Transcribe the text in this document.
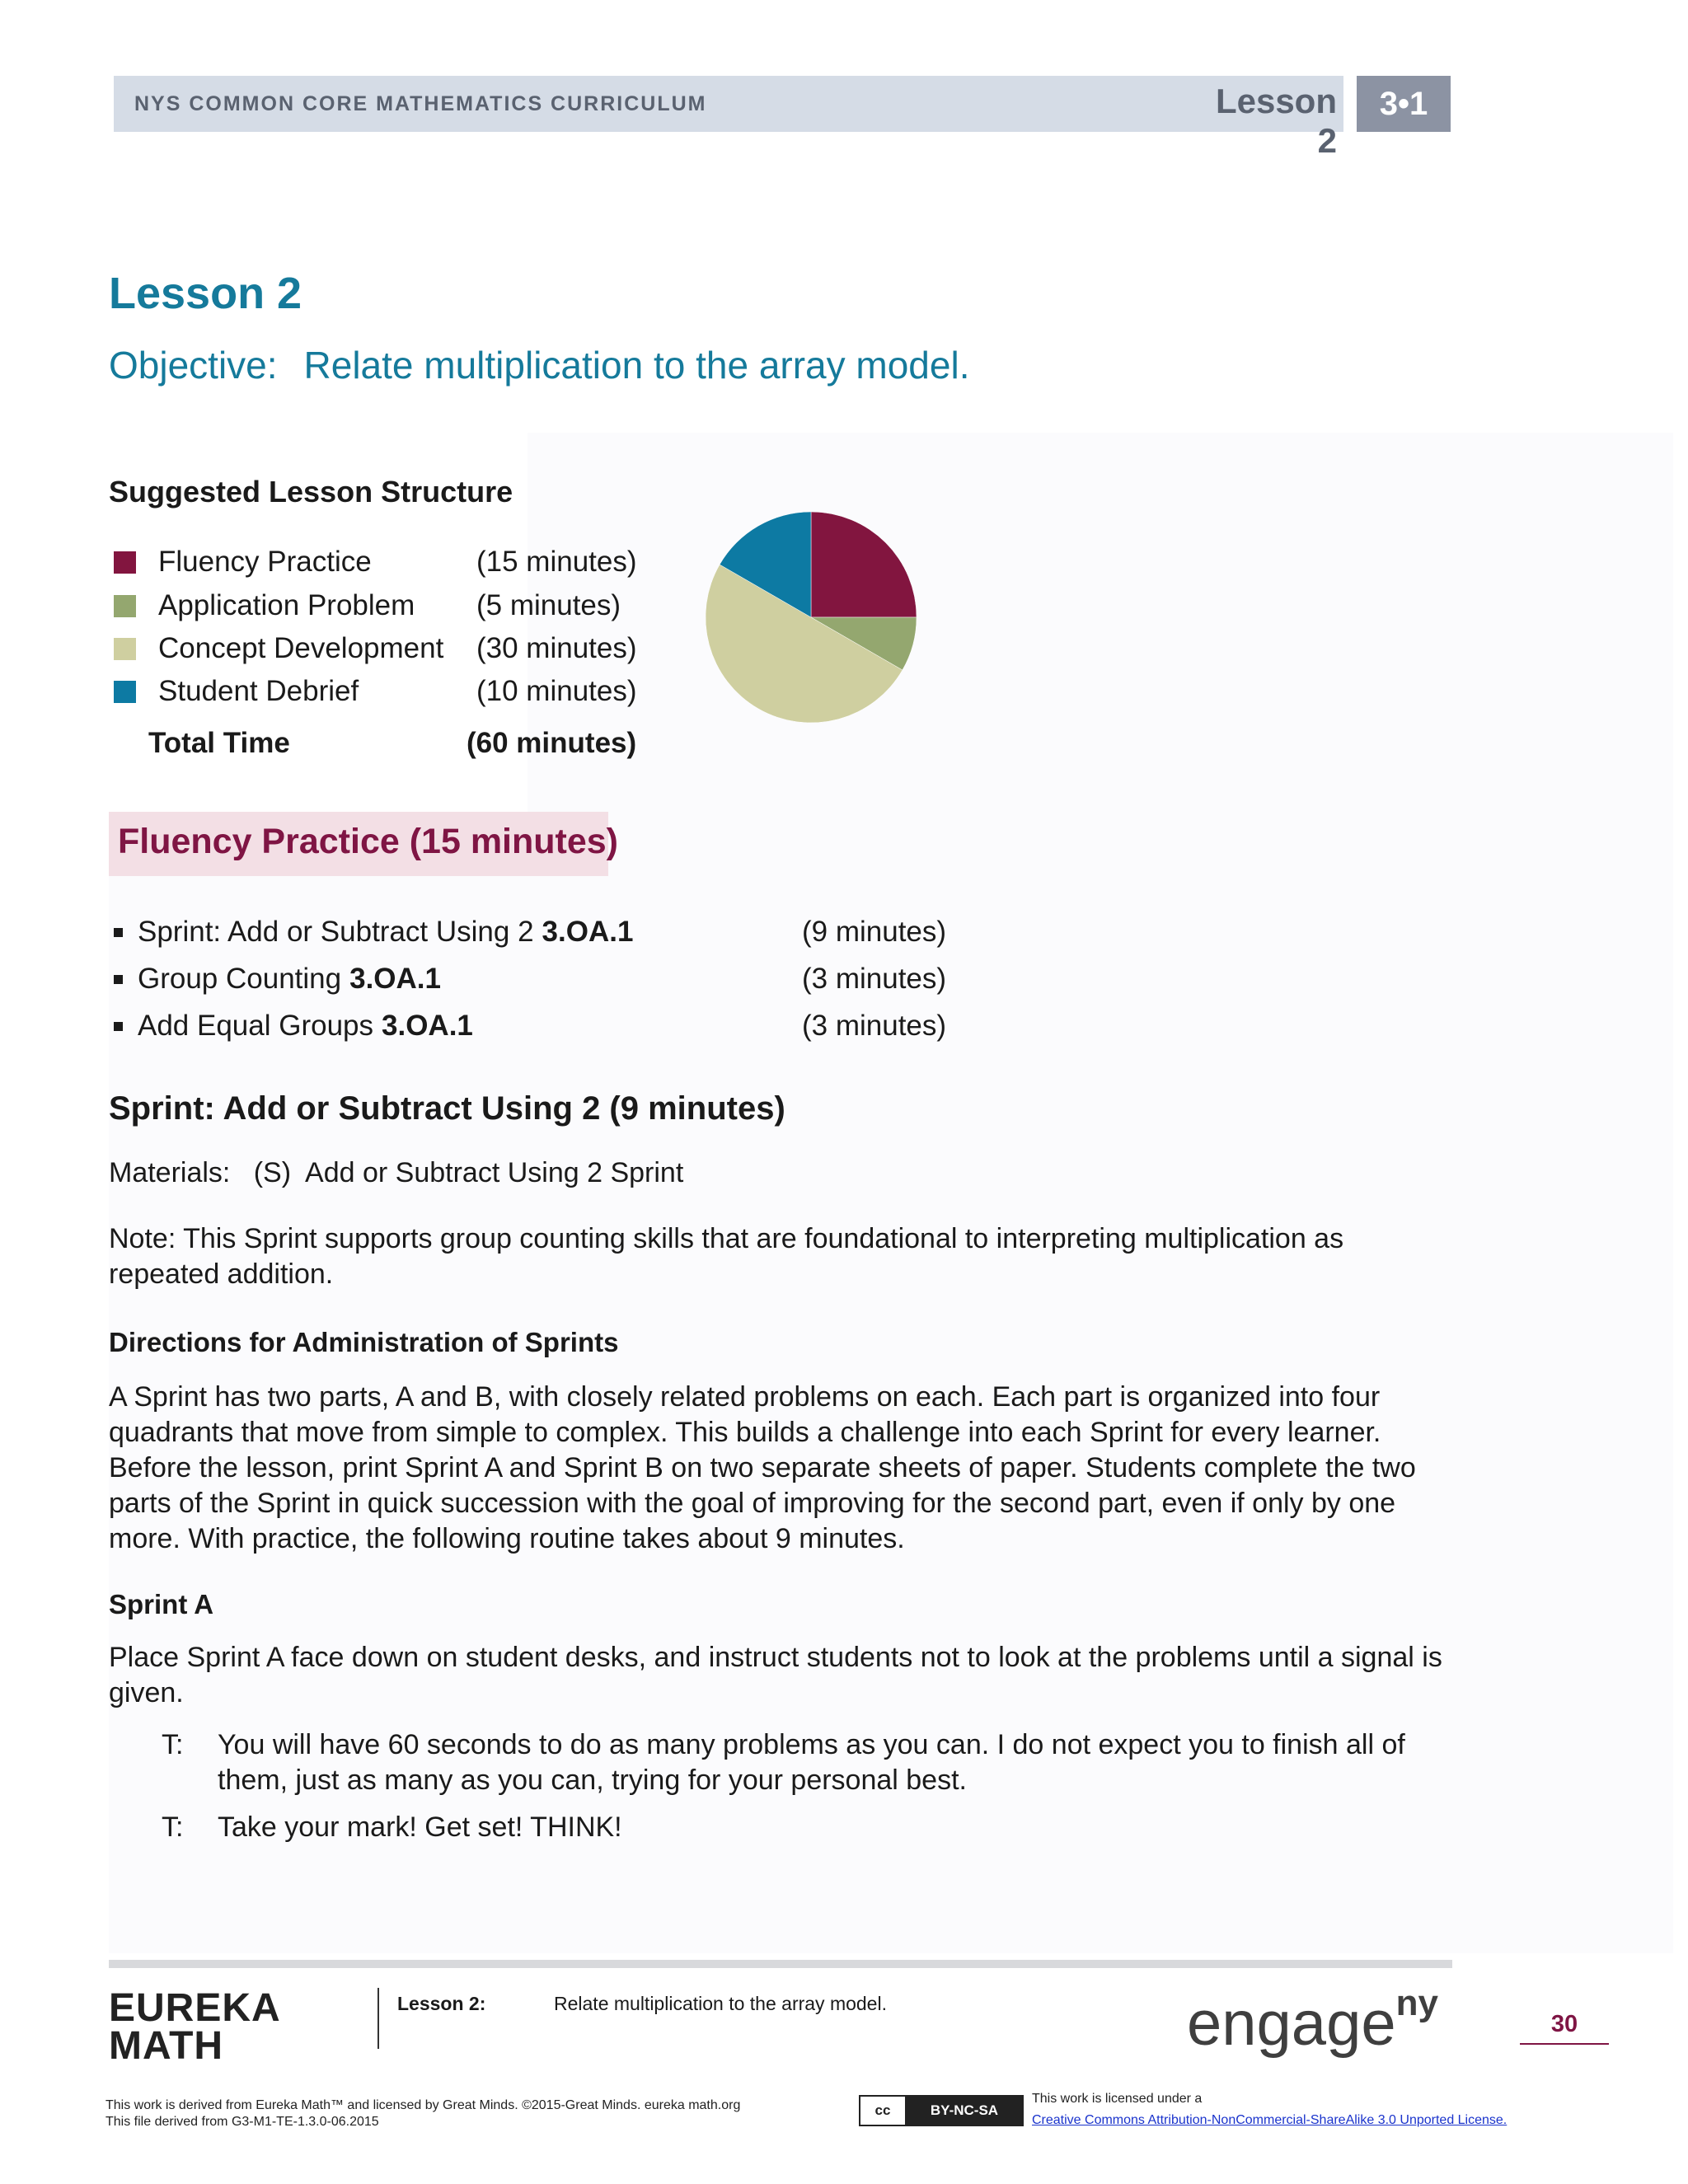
NYS COMMON CORE MATHEMATICS CURRICULUM	Lesson 2
3•1
Lesson 2
Objective: Relate multiplication to the array model.
Suggested Lesson Structure
Fluency Practice	(15 minutes)
Application Problem	(5 minutes)
Concept Development	(30 minutes)
Student Debrief	(10 minutes)
Total Time	(60 minutes)
Fluency Practice (15 minutes)
Sprint: Add or Subtract Using 2 3.OA.1	(9 minutes)
Group Counting 3.OA.1	(3 minutes)
Add Equal Groups 3.OA.1	(3 minutes)
Sprint: Add or Subtract Using 2 (9 minutes)
Materials:   (S)  Add or Subtract Using 2 Sprint
Note: This Sprint supports group counting skills that are foundational to interpreting multiplication as repeated addition.
Directions for Administration of Sprints
A Sprint has two parts, A and B, with closely related problems on each. Each part is organized into four quadrants that move from simple to complex. This builds a challenge into each Sprint for every learner. Before the lesson, print Sprint A and Sprint B on two separate sheets of paper. Students complete the two parts of the Sprint in quick succession with the goal of improving for the second part, even if only by one more. With practice, the following routine takes about 9 minutes.
Sprint A
Place Sprint A face down on student desks, and instruct students not to look at the problems until a signal is given.
T:	You will have 60 seconds to do as many problems as you can. I do not expect you to finish all of them, just as many as you can, trying for your personal best.
T:	Take your mark! Get set! THINK!
EUREKA
MATH
Lesson 2:	Relate multiplication to the array model.	engage$^{ny}$
30
This work is derived from Eureka Math™ and licensed by Great Minds. ©2015-Great Minds. eureka math.org
This file derived from G3-M1-TE-1.3.0-06.2015
cc	BY-NC-SA
This work is licensed under a
Creative Commons Attribution-NonCommercial-ShareAlike 3.0 Unported License.
